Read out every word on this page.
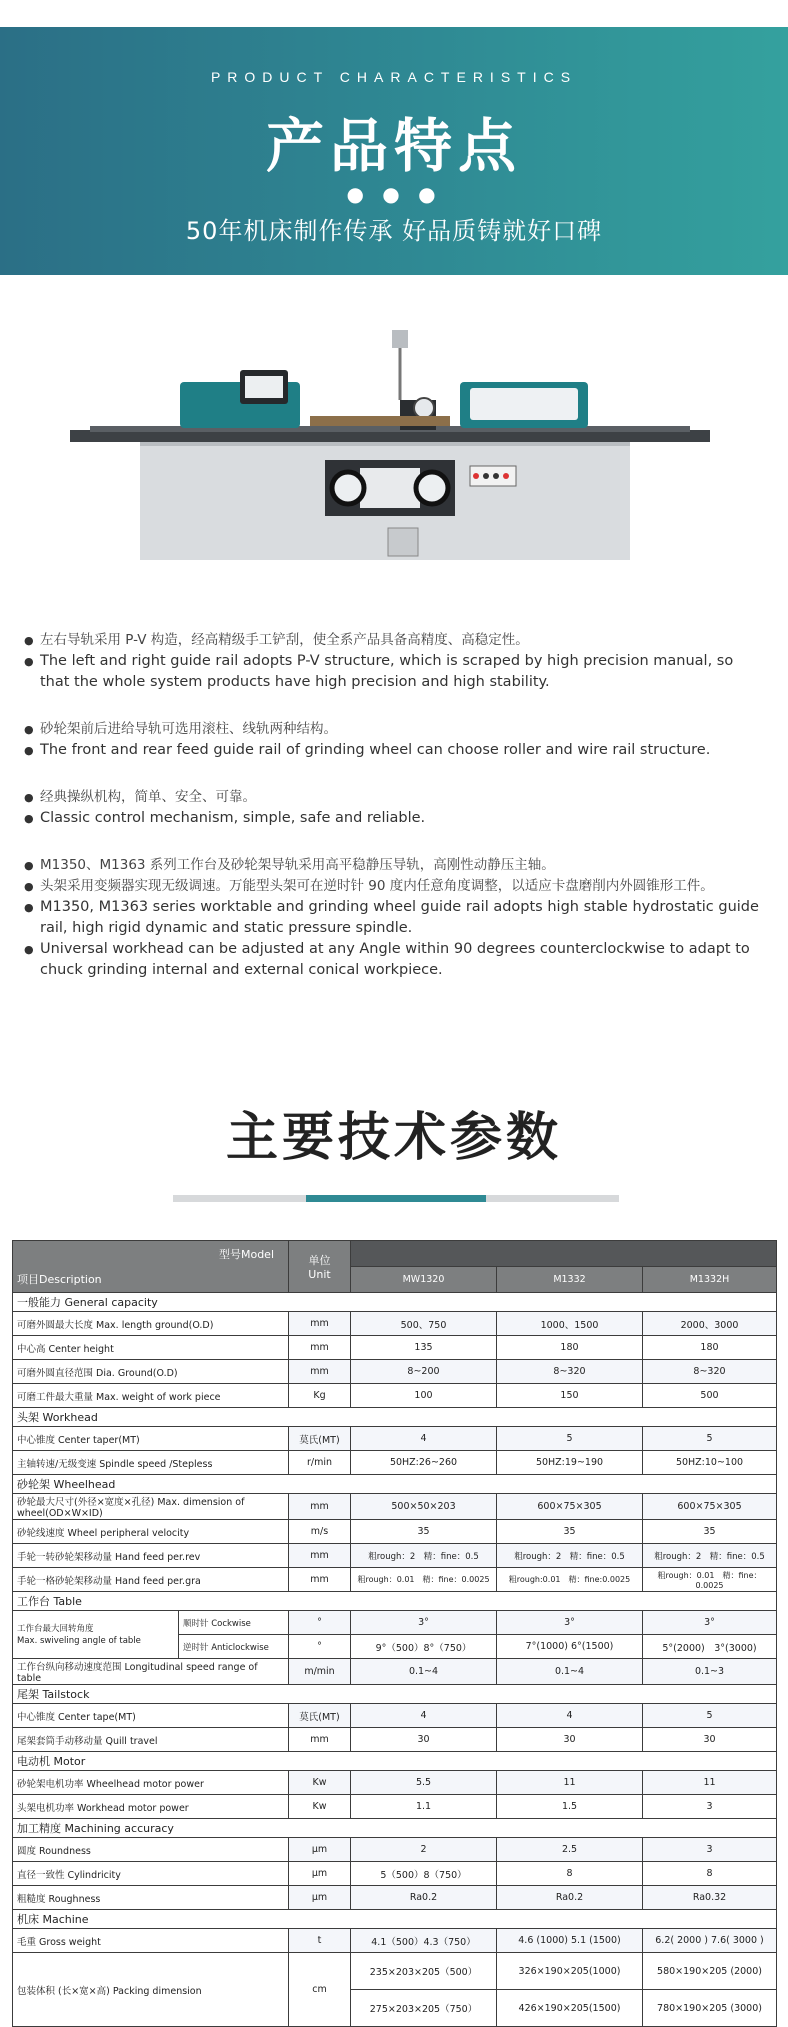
PRODUCT CHARACTERISTICS
产品特点
● ● ●
50年机床制作传承 好品质铸就好口碑
● 左右导轨采用 P-V 构造，经高精级手工铲刮，使全系产品具备高精度、高稳定性。
● The left and right guide rail adopts P-V structure, which is scraped by high precision manual, so that the whole system products have high precision and high stability.
● 砂轮架前后进给导轨可选用滚柱、线轨两种结构。
● The front and rear feed guide rail of grinding wheel can choose roller and wire rail structure.
● 经典操纵机构，简单、安全、可靠。
● Classic control mechanism, simple, safe and reliable.
● M1350、M1363 系列工作台及砂轮架导轨采用高平稳静压导轨，高刚性动静压主轴。
● 头架采用变频器实现无级调速。万能型头架可在逆时针 90 度内任意角度调整，以适应卡盘磨削内外圆锥形工件。
● M1350, M1363 series worktable and grinding wheel guide rail adopts high stable hydrostatic guide rail, high rigid dynamic and static pressure spindle.
● Universal workhead can be adjusted at any Angle within 90 degrees counterclockwise to adapt to chuck grinding internal and external conical workpiece.
主要技术参数
型号Model		单位
Unit			
项目Description			MW1320	M1332	M1332H
一般能力 General capacity					
可磨外圆最大长度 Max. length ground(O.D)		mm	500、750	1000、1500	2000、3000
中心高 Center height		mm	135	180	180
可磨外圆直径范围 Dia. Ground(O.D)		mm	8~200	8~320	8~320
可磨工件最大重量 Max. weight of work piece		Kg	100	150	500
头架 Workhead					
中心锥度 Center taper(MT)		莫氏(MT)	4	5	5
主轴转速/无级变速 Spindle speed /Stepless		r/min	50HZ:26~260	50HZ:19~190	50HZ:10~100
砂轮架 Wheelhead					
砂轮最大尺寸(外径×宽度×孔径) Max. dimension of wheel(OD×W×ID)		mm	500×50×203	600×75×305	600×75×305
砂轮线速度 Wheel peripheral velocity		m/s	35	35	35
手轮一转砂轮架移动量 Hand feed per.rev		mm	粗rough：2　精：fine：0.5	粗rough：2　精：fine：0.5	粗rough：2　精：fine：0.5
手轮一格砂轮架移动量 Hand feed per.gra		mm	粗rough：0.01　精：fine：0.0025	粗rough:0.01　精：fine:0.0025	粗rough：0.01　精：fine：0.0025
工作台 Table					
工作台最大回转角度
Max. swiveling angle of table	顺时针 Cockwise	°	3°	3°	3°
	逆时针 Anticlockwise	°	9°（500）8°（750）	7°(1000) 6°(1500)	5°(2000)　3°(3000)
工作台纵向移动速度范围 Longitudinal speed range of table		m/min	0.1~4	0.1~4	0.1~3
尾架 Tailstock					
中心锥度 Center tape(MT)		莫氏(MT)	4	4	5
尾架套筒手动移动量 Quill travel		mm	30	30	30
电动机 Motor					
砂轮架电机功率 Wheelhead motor power		Kw	5.5	11	11
头架电机功率 Workhead motor power		Kw	1.1	1.5	3
加工精度 Machining accuracy					
圆度 Roundness		μm	2	2.5	3
直径一致性 Cylindricity		μm	5（500）8（750）	8	8
粗糙度 Roughness		μm	Ra0.2	Ra0.2	Ra0.32
机床 Machine					
毛重 Gross weight		t	4.1（500）4.3（750）	4.6 (1000) 5.1 (1500)	6.2( 2000 ) 7.6( 3000 )
包装体积 (长×宽×高) Packing dimension		cm	235×203×205（500）	326×190×205(1000)	580×190×205 (2000)
			275×203×205（750）	426×190×205(1500)	780×190×205 (3000)
